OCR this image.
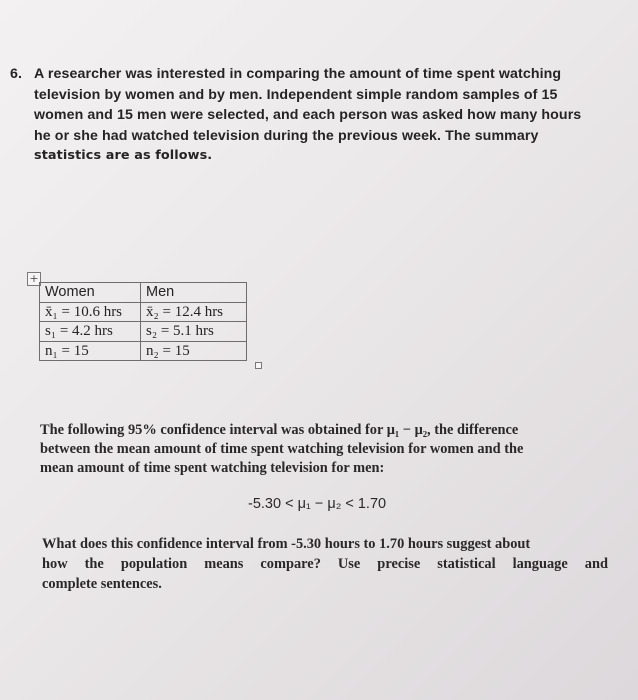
6. A researcher was interested in comparing the amount of time spent watching
television by women and by men. Independent simple random samples of 15
women and 15 men were selected, and each person was asked how many hours
he or she had watched television during the previous week. The summary
statistics are as follows.
+
Women	Men
x̄₁ = 10.6 hrs	x̄₂ = 12.4 hrs
s₁ = 4.2 hrs	s₂ = 5.1 hrs
n₁ = 15	n₂ = 15
The following 95% confidence interval was obtained for μ₁ − μ₂, the difference
between the mean amount of time spent watching television for women and the
mean amount of time spent watching television for men:
-5.30 < μ₁ − μ₂ < 1.70
What does this confidence interval from -5.30 hours to 1.70 hours suggest about
how the population means compare? Use precise statistical language and
complete sentences.
